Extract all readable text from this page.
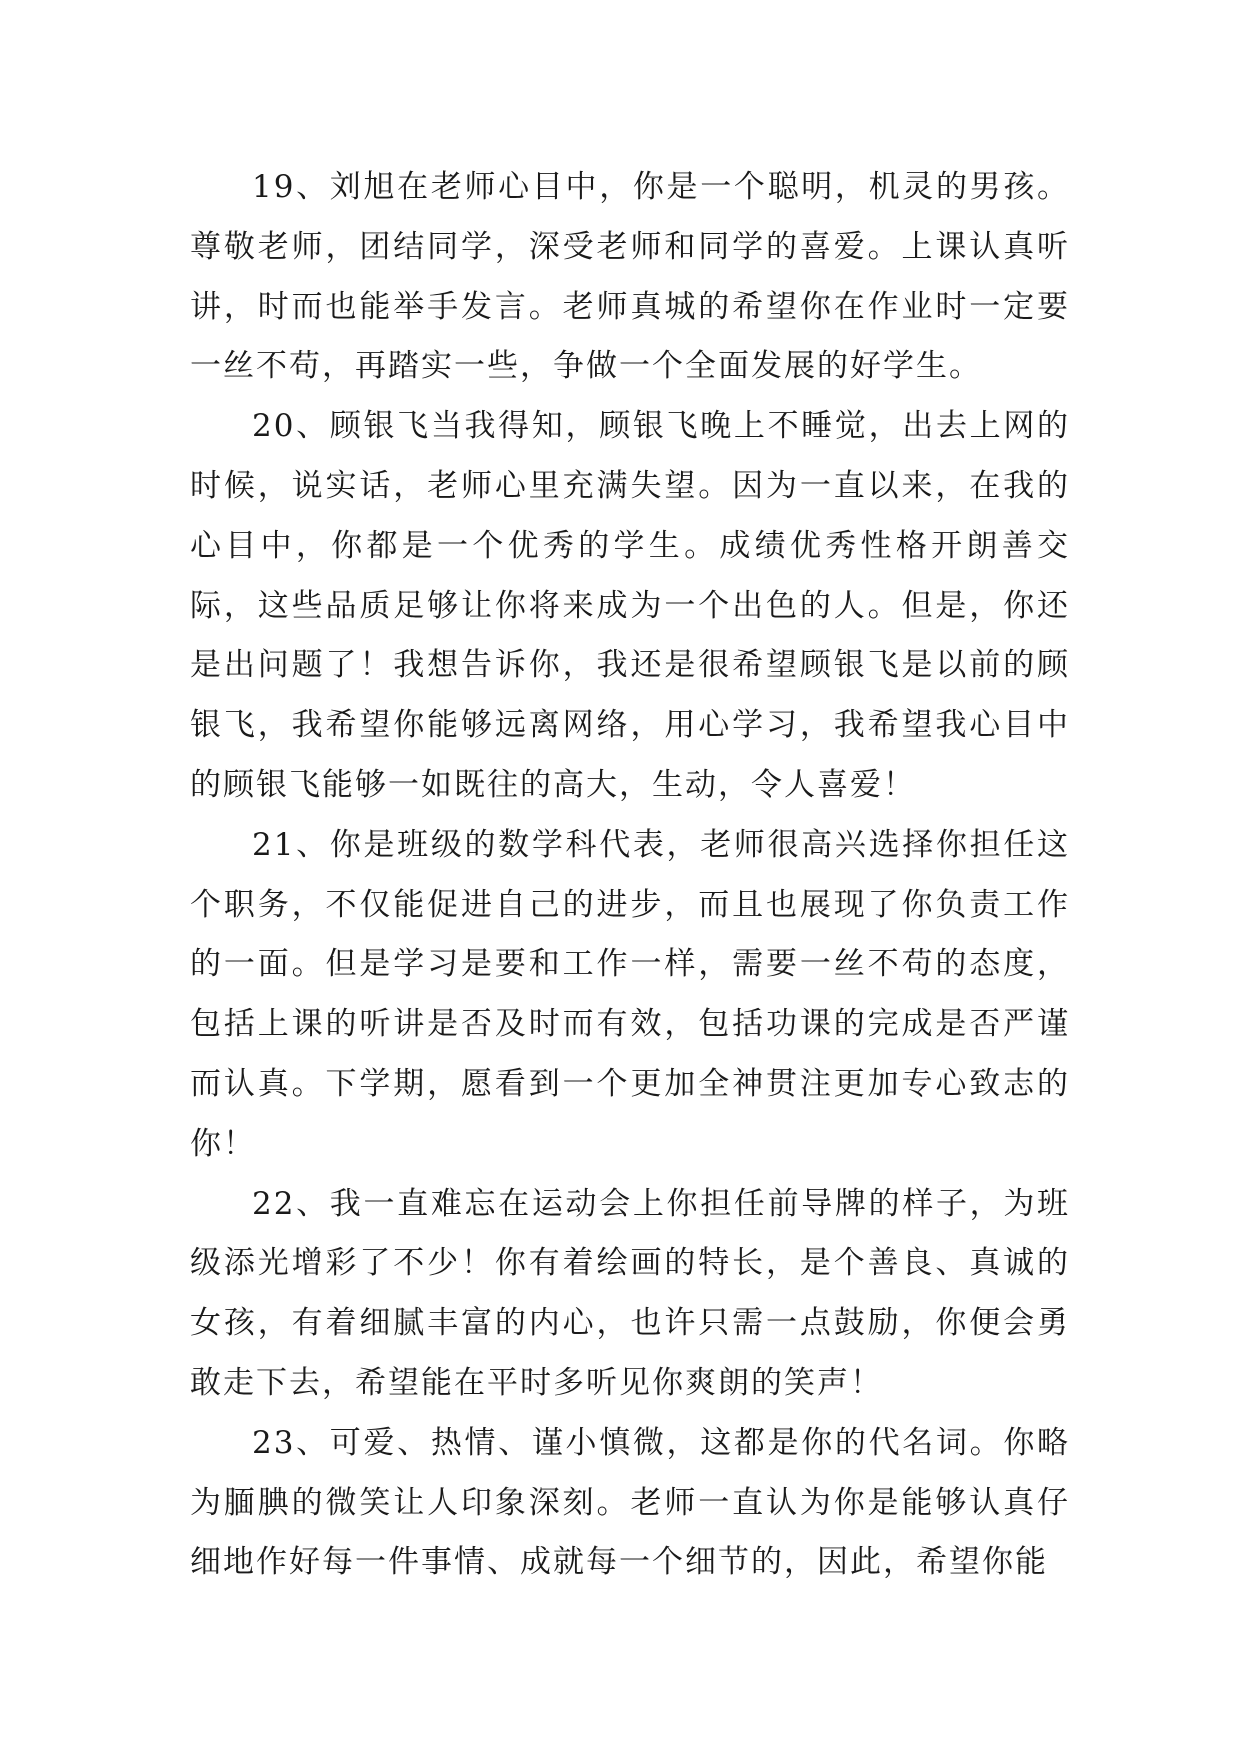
19、刘旭在老师心目中，你是一个聪明，机灵的男孩。尊敬老师，团结同学，深受老师和同学的喜爱。上课认真听讲，时而也能举手发言。老师真城的希望你在作业时一定要一丝不苟，再踏实一些，争做一个全面发展的好学生。

20、顾银飞当我得知，顾银飞晚上不睡觉，出去上网的时候，说实话，老师心里充满失望。因为一直以来，在我的心目中，你都是一个优秀的学生。成绩优秀性格开朗善交际，这些品质足够让你将来成为一个出色的人。但是，你还是出问题了！我想告诉你，我还是很希望顾银飞是以前的顾银飞，我希望你能够远离网络，用心学习，我希望我心目中的顾银飞能够一如既往的高大，生动，令人喜爱！

21、你是班级的数学科代表，老师很高兴选择你担任这个职务，不仅能促进自己的进步，而且也展现了你负责工作的一面。但是学习是要和工作一样，需要一丝不苟的态度，包括上课的听讲是否及时而有效，包括功课的完成是否严谨而认真。下学期，愿看到一个更加全神贯注更加专心致志的你！

22、我一直难忘在运动会上你担任前导牌的样子，为班级添光增彩了不少！你有着绘画的特长，是个善良、真诚的女孩，有着细腻丰富的内心，也许只需一点鼓励，你便会勇敢走下去，希望能在平时多听见你爽朗的笑声！

23、可爱、热情、谨小慎微，这都是你的代名词。你略为腼腆的微笑让人印象深刻。老师一直认为你是能够认真仔细地作好每一件事情、成就每一个细节的，因此，希望你能
